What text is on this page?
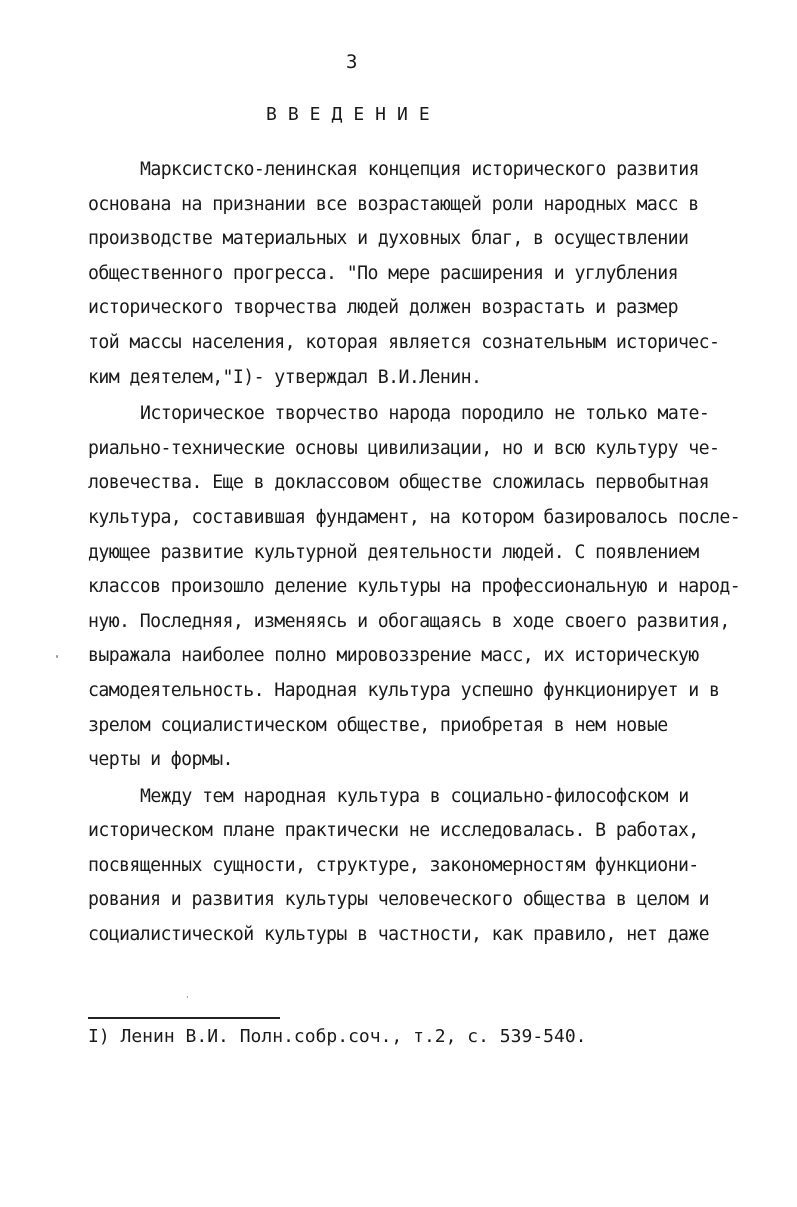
3
ВВЕДЕНИЕ
Марксистско-ленинская концепция исторического развития
основана на признании все возрастающей роли народных масс в
производстве материальных и духовных благ, в осуществлении
общественного прогресса. "По мере расширения и углубления
исторического творчества людей должен возрастать и размер
той массы населения, которая является сознательным историчес-
ким деятелем,"I)- утверждал В.И.Ленин.
Историческое творчество народа породило не только мате-
риально-технические основы цивилизации, но и всю культуру че-
ловечества. Еще в доклассовом обществе сложилась первобытная
культура, составившая фундамент, на котором базировалось после-
дующее развитие культурной деятельности людей. С появлением
классов произошло деление культуры на профессиональную и народ-
ную. Последняя, изменяясь и обогащаясь в ходе своего развития,
выражала наиболее полно мировоззрение масс, их историческую
самодеятельность. Народная культура успешно функционирует и в
зрелом социалистическом обществе, приобретая в нем новые
черты и формы.
Между тем народная культура в социально-философском и
историческом плане практически не исследовалась. В работах,
посвященных сущности, структуре, закономерностям функциони-
рования и развития культуры человеческого общества в целом и
социалистической культуры в частности, как правило, нет даже
I) Ленин В.И. Полн.собр.соч., т.2, с. 539-540.
